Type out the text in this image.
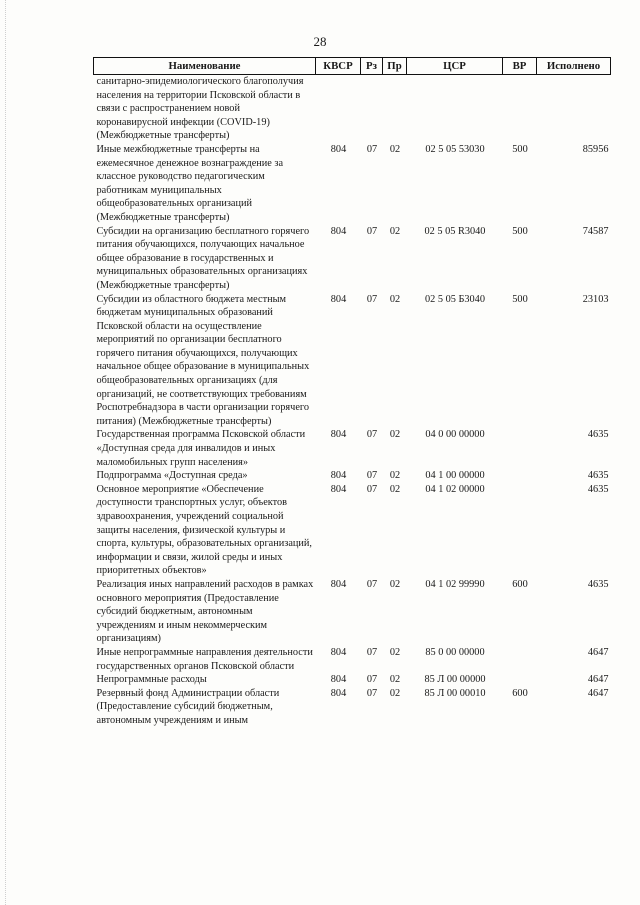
28
Наименование	КВСР	Рз	Пр	ЦСР	ВР	Исполнено
санитарно-эпидемиологического благополучия населения на территории Псковской области в связи с распространением новой коронавирусной инфекции (COVID-19) (Межбюджетные трансферты)						
Иные межбюджетные трансферты на ежемесячное денежное вознаграждение за классное руководство педагогическим работникам муниципальных общеобразовательных организаций (Межбюджетные трансферты)	804	07	02	02 5 05 53030	500	85956
Субсидии на организацию бесплатного горячего питания обучающихся, получающих начальное общее образование в государственных и муниципальных образовательных организациях (Межбюджетные трансферты)	804	07	02	02 5 05 R3040	500	74587
Субсидии из областного бюджета местным бюджетам муниципальных образований Псковской области на осуществление мероприятий по организации бесплатного горячего питания обучающихся, получающих начальное общее образование в муниципальных общеобразовательных организациях (для организаций, не соответствующих требованиям Роспотребнадзора в части организации горячего питания) (Межбюджетные трансферты)	804	07	02	02 5 05 Б3040	500	23103
Государственная программа Псковской области «Доступная среда для инвалидов и иных маломобильных групп населения»	804	07	02	04 0 00 00000		4635
Подпрограмма «Доступная среда»	804	07	02	04 1 00 00000		4635
Основное мероприятие «Обеспечение доступности транспортных услуг, объектов здравоохранения, учреждений социальной защиты населения, физической культуры и спорта, культуры, образовательных организаций, информации и связи, жилой среды и иных приоритетных объектов»	804	07	02	04 1 02 00000		4635
Реализация иных направлений расходов в рамках основного мероприятия (Предоставление субсидий бюджетным, автономным учреждениям и иным некоммерческим организациям)	804	07	02	04 1 02 99990	600	4635
Иные непрограммные направления деятельности государственных органов Псковской области	804	07	02	85 0 00 00000		4647
Непрограммные расходы	804	07	02	85 Л 00 00000		4647
Резервный фонд Администрации области (Предоставление субсидий бюджетным, автономным учреждениям и иным	804	07	02	85 Л 00 00010	600	4647
